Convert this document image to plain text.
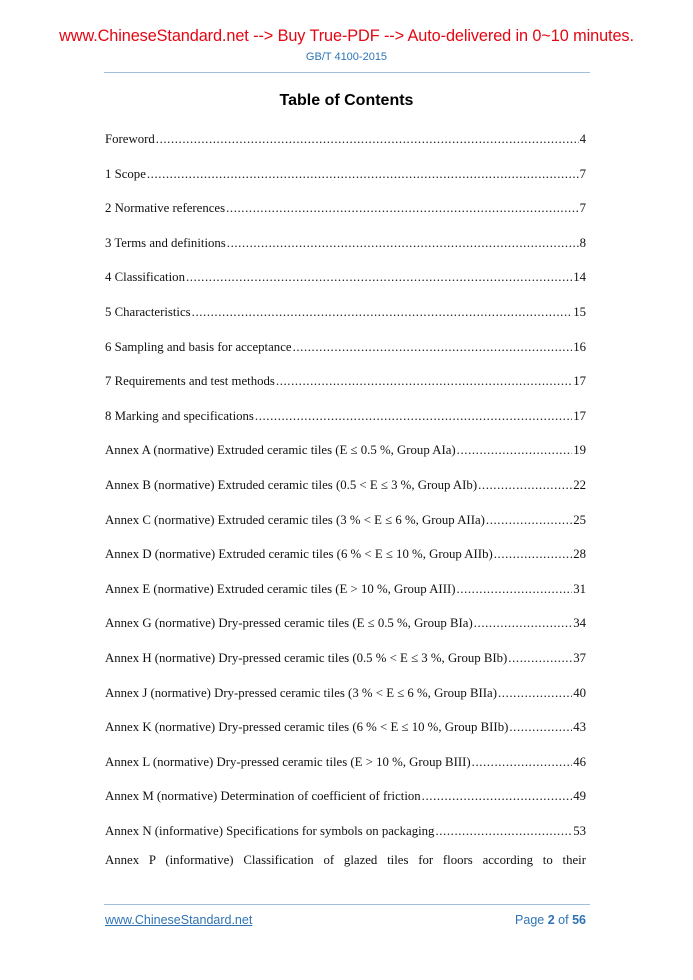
www.ChineseStandard.net --> Buy True-PDF --> Auto-delivered in 0~10 minutes.
GB/T 4100-2015
Table of Contents
Foreword .....	4
1 Scope .....	7
2 Normative references .....	7
3 Terms and definitions .....	8
4 Classification .....	14
5 Characteristics .....	15
6 Sampling and basis for acceptance .....	16
7 Requirements and test methods .....	17
8 Marking and specifications .....	17
Annex A (normative) Extruded ceramic tiles (E ≤ 0.5 %, Group AIa) .....	19
Annex B (normative) Extruded ceramic tiles (0.5 < E ≤ 3 %, Group AIb) .....	22
Annex C (normative) Extruded ceramic tiles (3 % < E ≤ 6 %, Group AIIa) .....	25
Annex D (normative) Extruded ceramic tiles (6 % < E ≤ 10 %, Group AIIb) .....	28
Annex E (normative) Extruded ceramic tiles (E > 10 %, Group AIII) .....	31
Annex G (normative) Dry-pressed ceramic tiles (E ≤ 0.5 %, Group BIa) .....	34
Annex H (normative) Dry-pressed ceramic tiles (0.5 % < E ≤ 3 %, Group BIb) .....	37
Annex J (normative) Dry-pressed ceramic tiles (3 % < E ≤ 6 %, Group BIIa) .....	40
Annex K (normative) Dry-pressed ceramic tiles (6 % < E ≤ 10 %, Group BIIb) .....	43
Annex L (normative) Dry-pressed ceramic tiles (E > 10 %, Group BIII) .....	46
Annex M (normative) Determination of coefficient of friction .....	49
Annex N (informative) Specifications for symbols on packaging .....	53
Annex P (informative) Classification of glazed tiles for floors according to their
www.ChineseStandard.net	Page 2 of 56
